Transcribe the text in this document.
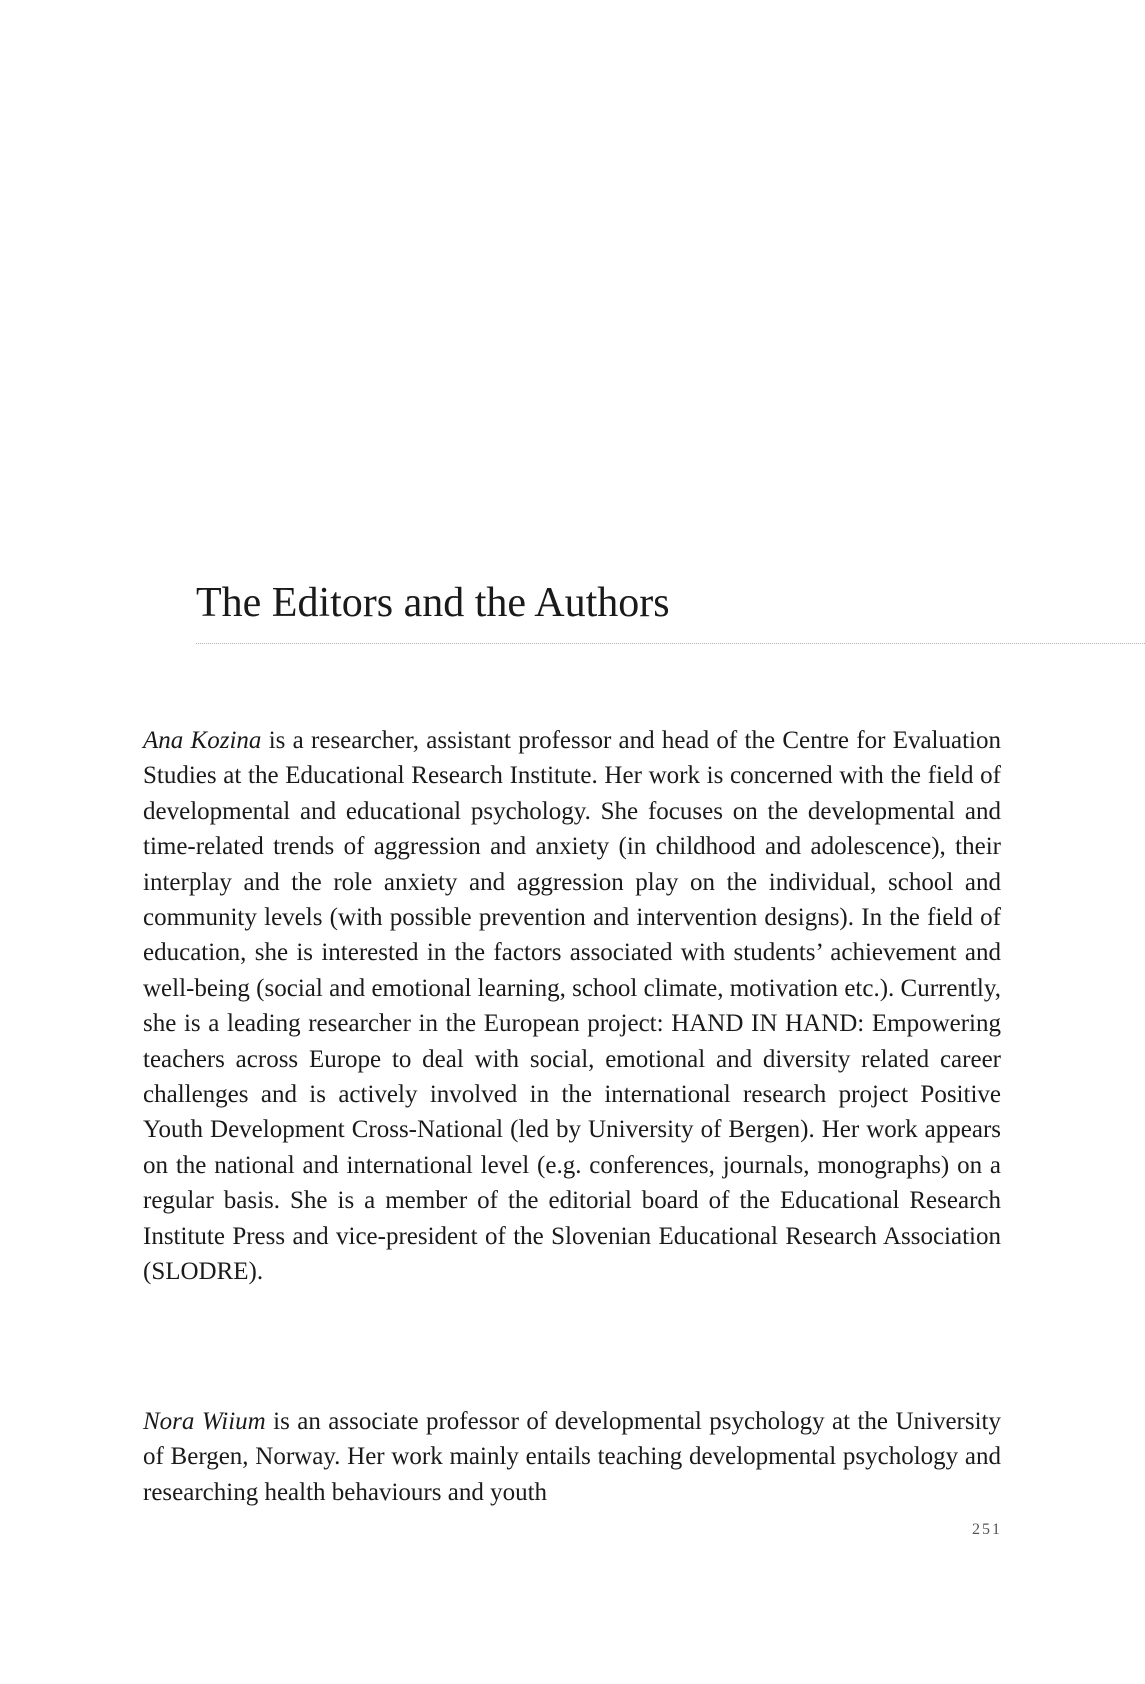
The Editors and the Authors

Ana Kozina is a researcher, assistant professor and head of the Centre for Evaluation Studies at the Educational Research Institute. Her work is concerned with the field of developmental and educational psychology. She focuses on the developmental and time-related trends of aggression and anxiety (in childhood and adolescence), their interplay and the role anxiety and aggression play on the individual, school and community levels (with possible prevention and intervention designs). In the field of education, she is interested in the factors associated with students’ achievement and well-being (social and emotional learning, school climate, motivation etc.). Currently, she is a leading researcher in the European project: HAND IN HAND: Empowering teachers across Europe to deal with social, emotional and diversity related career challenges and is actively involved in the international research project Positive Youth Development Cross-National (led by University of Bergen). Her work appears on the national and international level (e.g. conferences, journals, monographs) on a regular basis. She is a member of the editorial board of the Educational Research Institute Press and vice-president of the Slovenian Educational Research Association (SLODRE).

Nora Wiium is an associate professor of developmental psychology at the University of Bergen, Norway. Her work mainly entails teaching developmental psychology and researching health behaviours and youth

251
